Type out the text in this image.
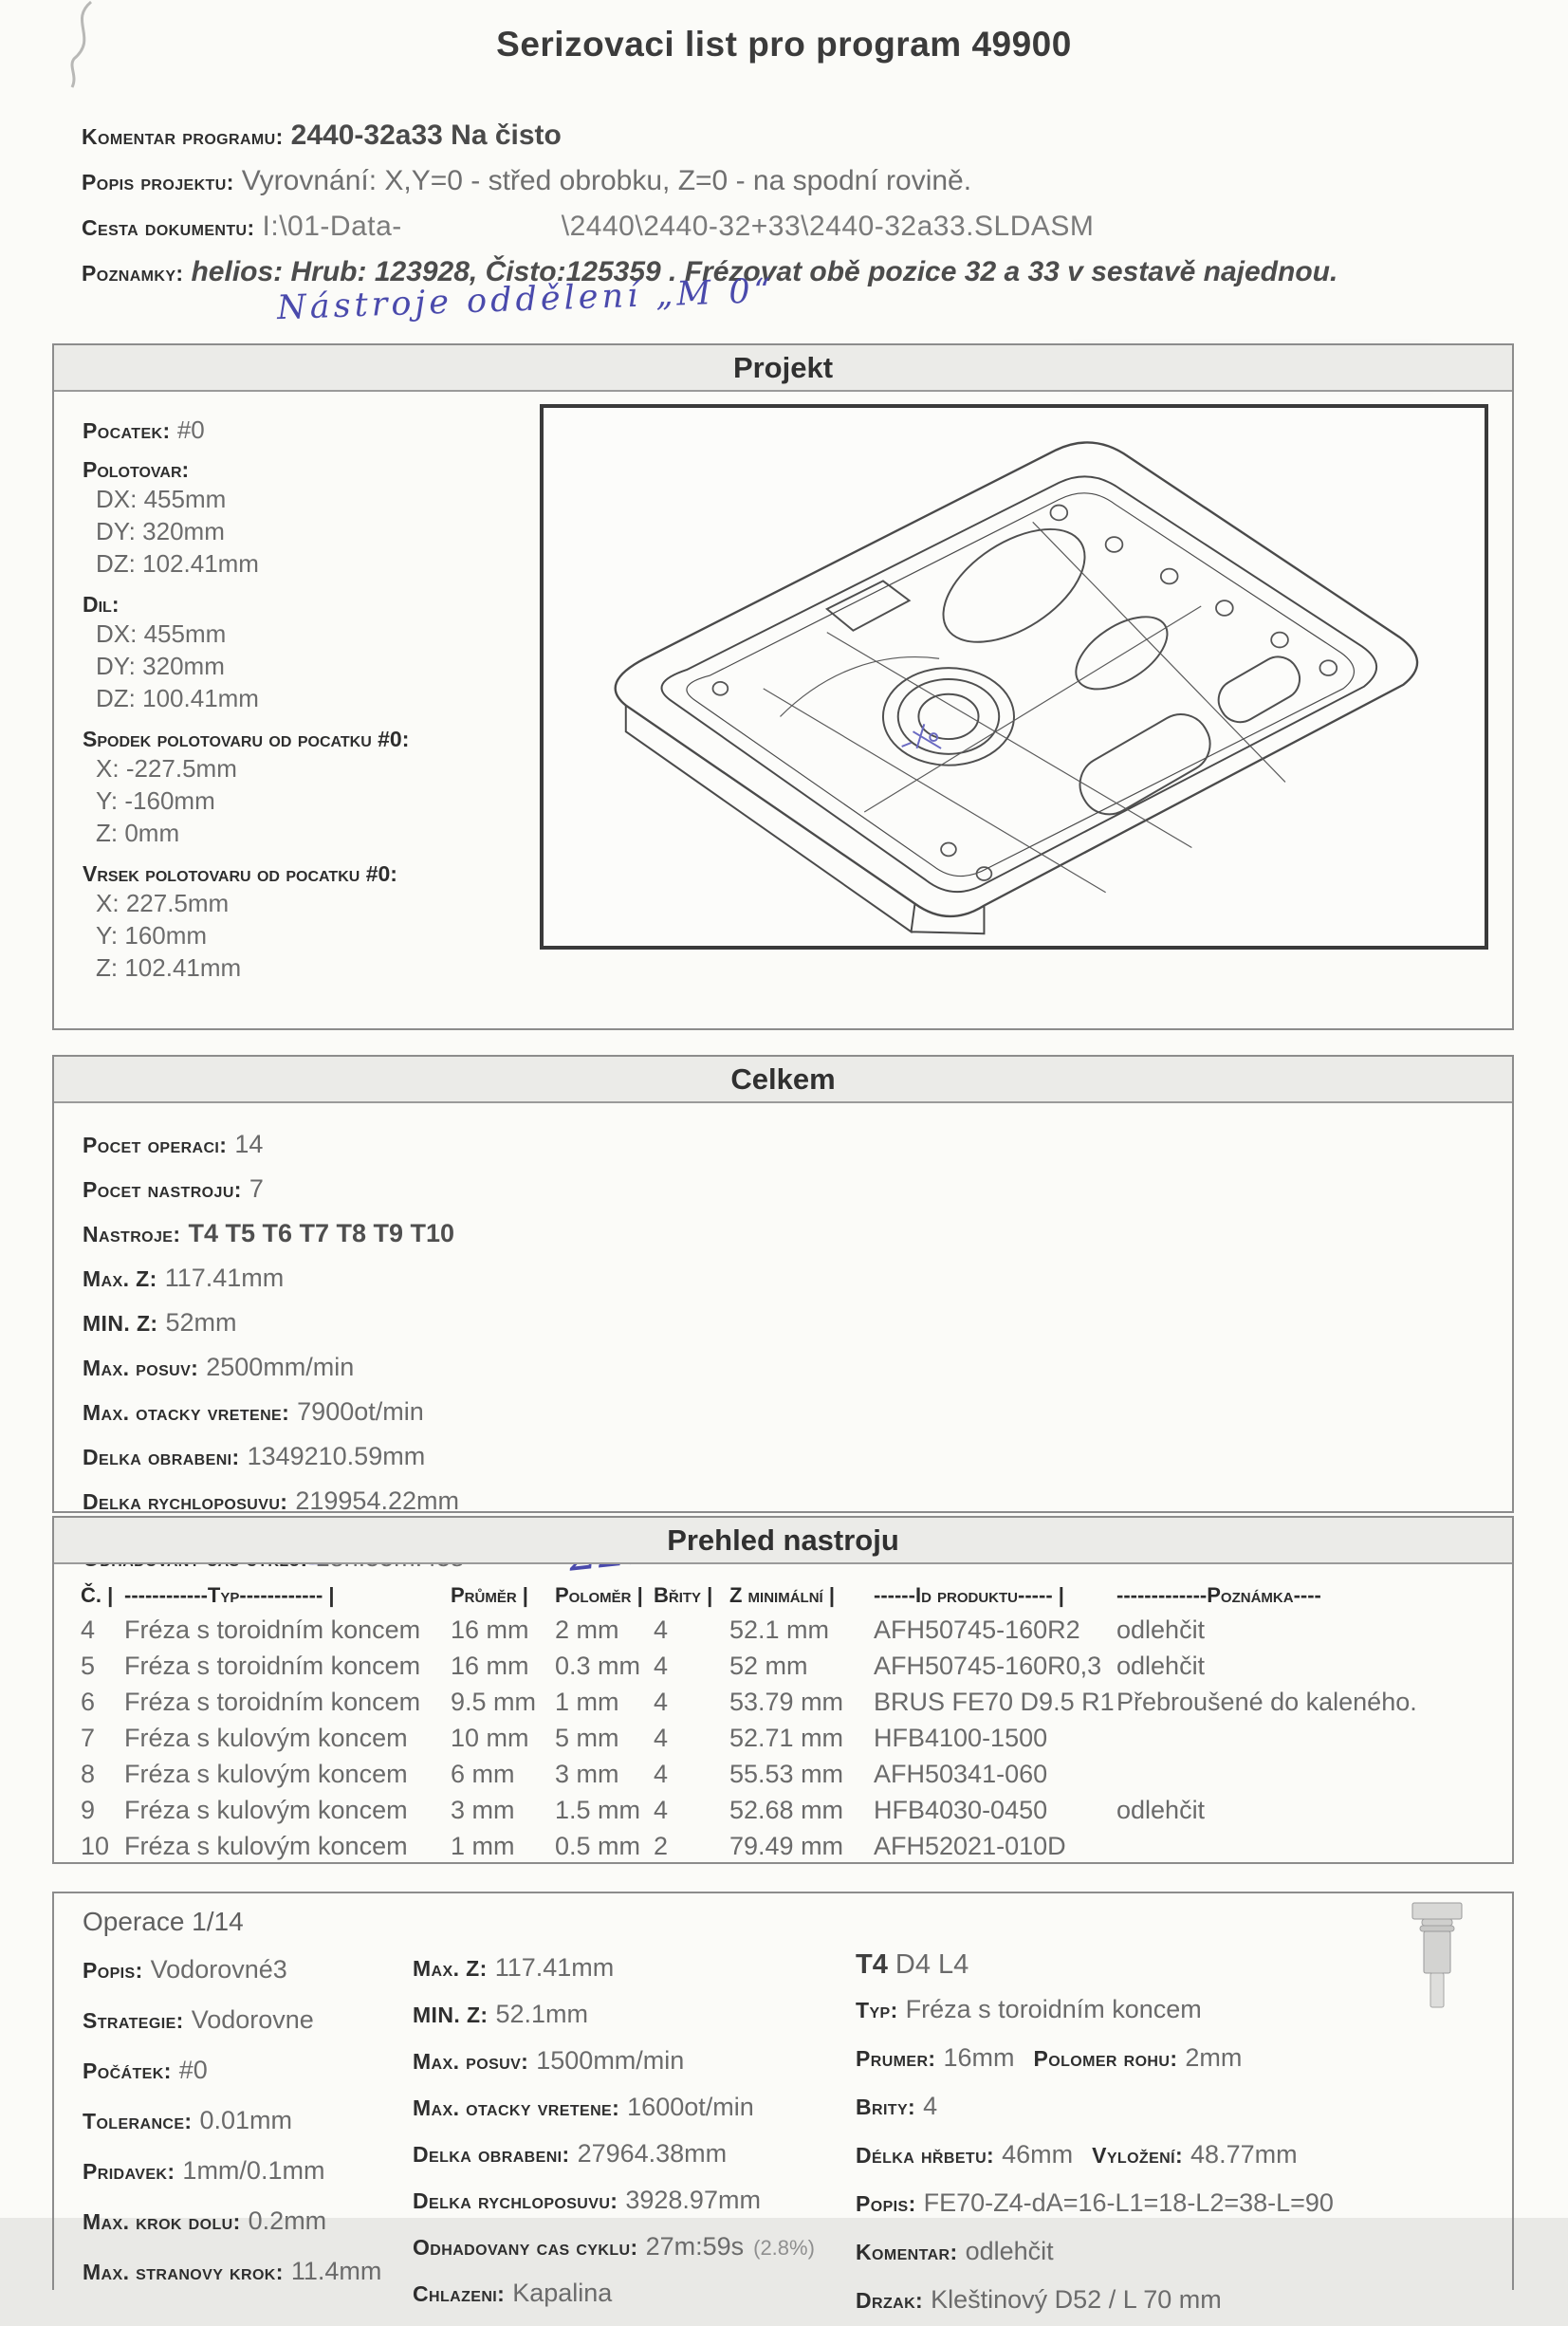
Serizovaci list pro program 49900
Komentar programu: 2440-32a33 Na čisto
Popis projektu: Vyrovnání: X,Y=0 - střed obrobku, Z=0 - na spodní rovině.
Cesta dokumentu: I:\01-Data-	\2440\2440-32+33\2440-32a33.SLDASM
Poznamky: helios: Hrub: 123928, Čisto:125359 . Frézovat obě pozice 32 a 33 v sestavě najednou.
Nástroje oddělení „M 0“
Projekt
Pocatek: #0
Polotovar:
DX: 455mm
DY: 320mm
DZ: 102.41mm
Dil:
DX: 455mm
DY: 320mm
DZ: 100.41mm
Spodek polotovaru od pocatku #0:
X: -227.5mm
Y: -160mm
Z: 0mm
Vrsek polotovaru od pocatku #0:
X: 227.5mm
Y: 160mm
Z: 102.41mm
Celkem
Pocet operaci: 14
Pocet nastroju: 7
Nastroje: T4 T5 T6 T7 T8 T9 T10
Max. Z: 117.41mm
MIN. Z: 52mm
Max. posuv: 2500mm/min
Max. otacky vretene: 7900ot/min
Delka obrabeni: 1349210.59mm
Delka rychloposuvu: 219954.22mm
Prehled nastroju
Č. | ------------Typ------------ |	Průměr |	Poloměr | Břity | Z minimální |	------Id produktu----- |	-------------Poznámka----
4	Fréza s toroidním koncem	16 mm	2 mm	4	52.1 mm	AFH50745-160R2	odlehčit
5	Fréza s toroidním koncem	16 mm	0.3 mm 4	52 mm	AFH50745-160R0,3 odlehčit
6	Fréza s toroidním koncem	9.5 mm 1 mm	4	53.79 mm	BRUS FE70 D9.5 R1 Přebroušené do kaleného.
7	Fréza s kulovým koncem	10 mm	5 mm	4	52.71 mm	HFB4100-1500
8	Fréza s kulovým koncem	6 mm	3 mm	4	55.53 mm	AFH50341-060
9	Fréza s kulovým koncem	3 mm	1.5 mm 4	52.68 mm	HFB4030-0450	odlehčit
10 Fréza s kulovým koncem	1 mm	0.5 mm 2	79.49 mm	AFH52021-010D
Operace 1/14
Popis: Vodorovné3
Strategie: Vodorovne
Počátek: #0
Tolerance: 0.01mm
Pridavek: 1mm/0.1mm
Max. krok dolu: 0.2mm
Max. stranovy krok: 11.4mm
Max. Z: 117.41mm
MIN. Z: 52.1mm
Max. posuv: 1500mm/min
Max. otacky vretene: 1600ot/min
Delka obrabeni: 27964.38mm
Delka rychloposuvu: 3928.97mm
Odhadovany cas cyklu: 27m:59s (2.8%)
Chlazeni: Kapalina
T4 D4 L4
Typ: Fréza s toroidním koncem
Prumer: 16mm Polomer rohu: 2mm
Brity: 4
Délka hřbetu: 46mm Vyložení: 48.77mm
Popis: FE70-Z4-dA=16-L1=18-L2=38-L=90
Komentar: odlehčit
Drzak: Kleštinový D52 / L 70 mm
